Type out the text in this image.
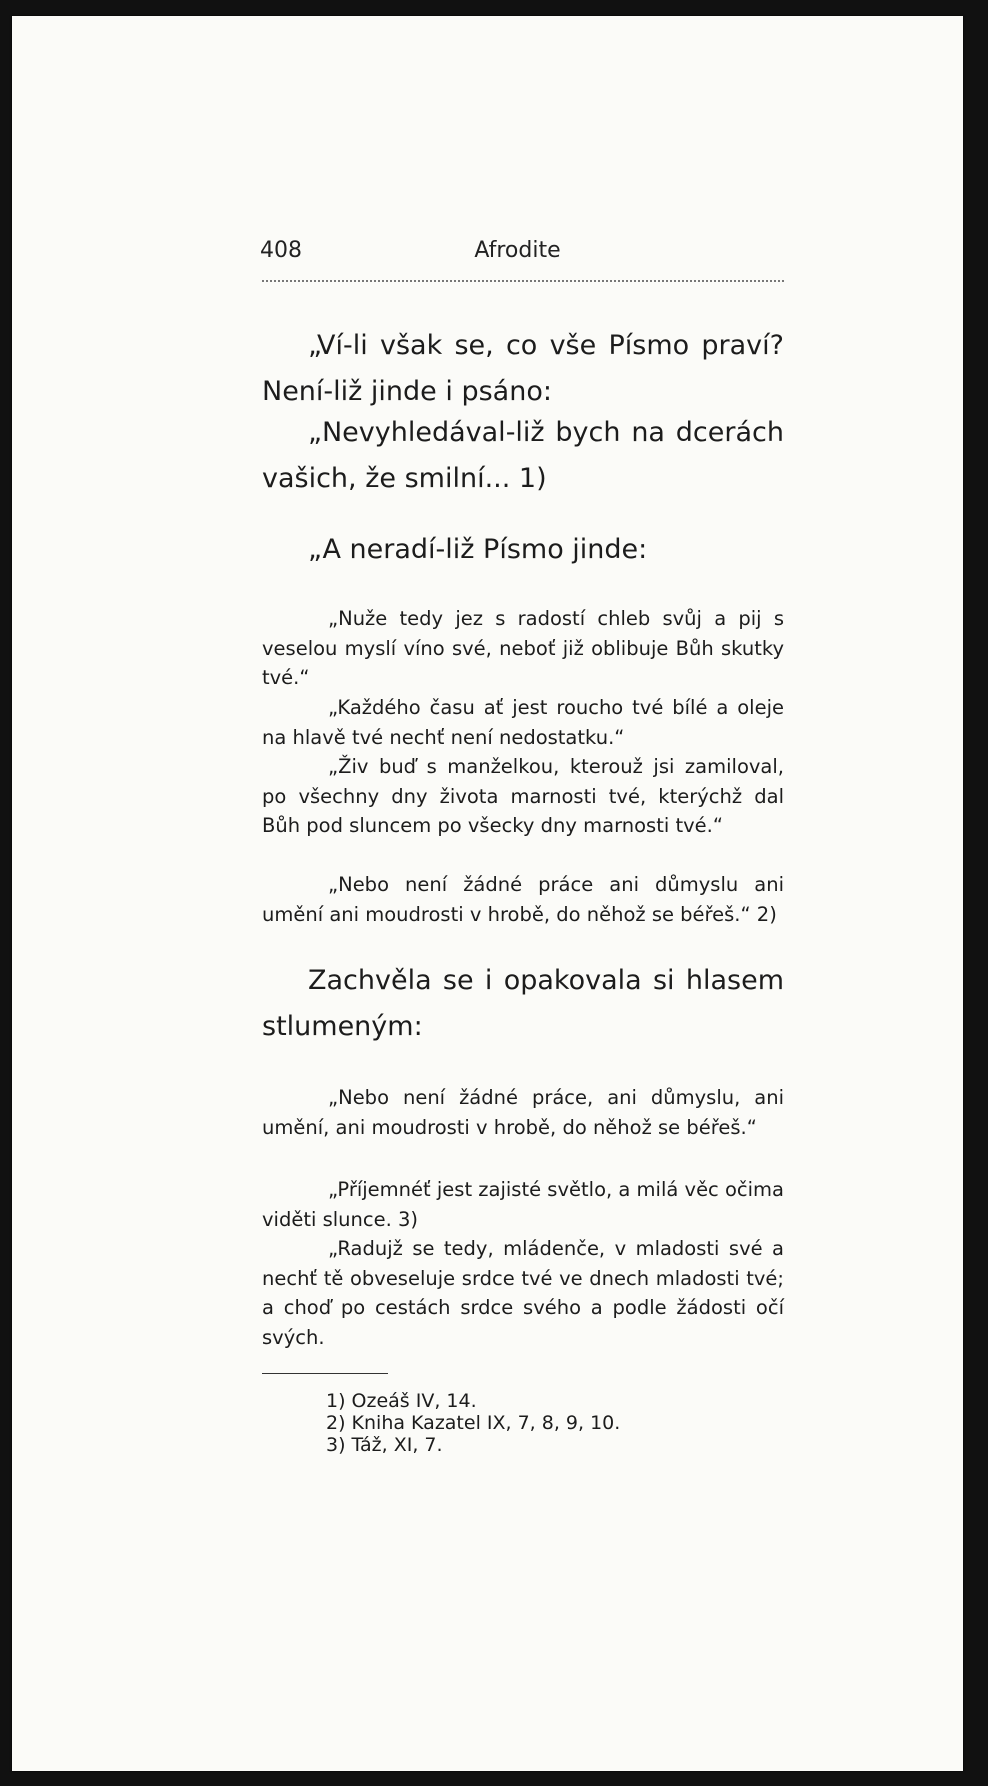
408	Afrodite

„Ví-li však se, co vše Písmo praví? Není-liž jinde i psáno:

„Nevyhledával-liž bych na dcerách vašich, že smilní... 1)

„A neradí-liž Písmo jinde:

„Nuže tedy jez s radostí chleb svůj a pij s veselou myslí víno své, neboť již oblibuje Bůh skutky tvé.“

„Každého času ať jest roucho tvé bílé a oleje na hlavě tvé nechť není nedostatku.“

„Živ buď s manželkou, kterouž jsi zamiloval, po všechny dny života marnosti tvé, kterýchž dal Bůh pod sluncem po všecky dny marnosti tvé.“

„Nebo není žádné práce ani důmyslu ani umění ani moudrosti v hrobě, do něhož se béřeš.“ 2)

Zachvěla se i opakovala si hlasem stlumeným:

„Nebo není žádné práce, ani důmyslu, ani umění, ani moudrosti v hrobě, do něhož se béřeš.“

„Příjemnéť jest zajisté světlo, a milá věc očima viděti slunce. 3)

„Radujž se tedy, mládenče, v mladosti své a nechť tě obveseluje srdce tvé ve dnech mladosti tvé; a choď po cestách srdce svého a podle žádosti očí svých.

1) Ozeáš IV, 14.
2) Kniha Kazatel IX, 7, 8, 9, 10.
3) Táž, XI, 7.
